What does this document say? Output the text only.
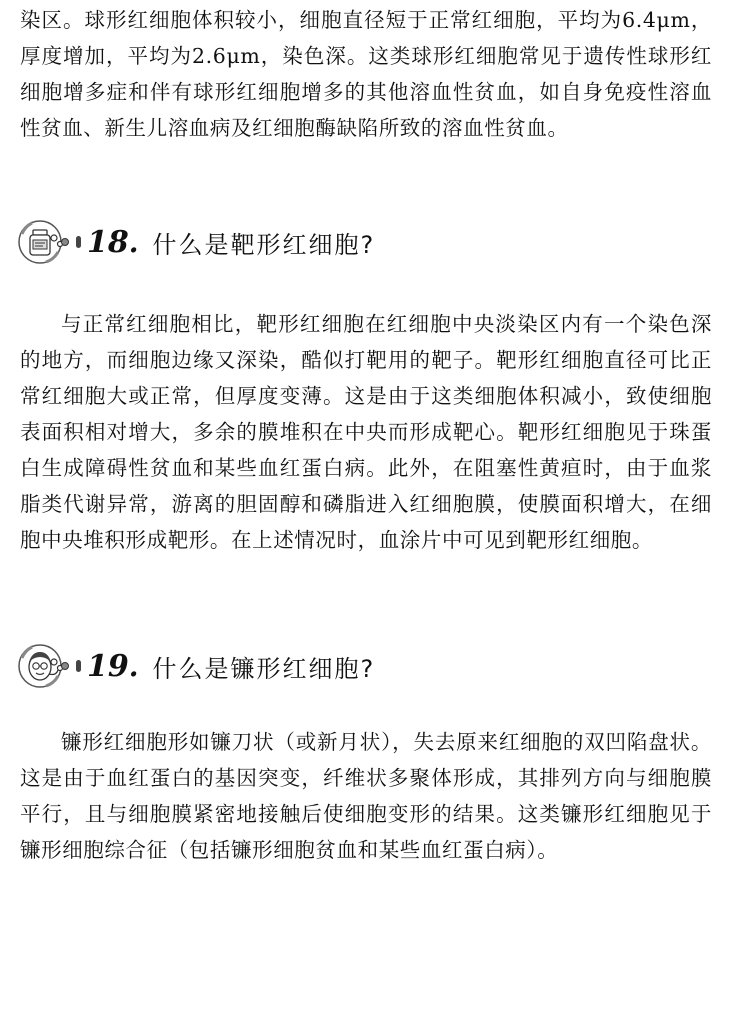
染区。球形红细胞体积较小，细胞直径短于正常红细胞，平均为6.4μm，厚度增加，平均为2.6μm，染色深。这类球形红细胞常见于遗传性球形红细胞增多症和伴有球形红细胞增多的其他溶血性贫血，如自身免疫性溶血性贫血、新生儿溶血病及红细胞酶缺陷所致的溶血性贫血。

18 . 什么是靶形红细胞?

与正常红细胞相比，靶形红细胞在红细胞中央淡染区内有一个染色深的地方，而细胞边缘又深染，酷似打靶用的靶子。靶形红细胞直径可比正常红细胞大或正常，但厚度变薄。这是由于这类细胞体积减小，致使细胞表面积相对增大，多余的膜堆积在中央而形成靶心。靶形红细胞见于珠蛋白生成障碍性贫血和某些血红蛋白病。此外，在阻塞性黄疸时，由于血浆脂类代谢异常，游离的胆固醇和磷脂进入红细胞膜，使膜面积增大，在细胞中央堆积形成靶形。在上述情况时，血涂片中可见到靶形红细胞。

19 . 什么是镰形红细胞?

镰形红细胞形如镰刀状（或新月状），失去原来红细胞的双凹陷盘状。这是由于血红蛋白的基因突变，纤维状多聚体形成，其排列方向与细胞膜平行，且与细胞膜紧密地接触后使细胞变形的结果。这类镰形红细胞见于镰形细胞综合征（包括镰形细胞贫血和某些血红蛋白病）。
